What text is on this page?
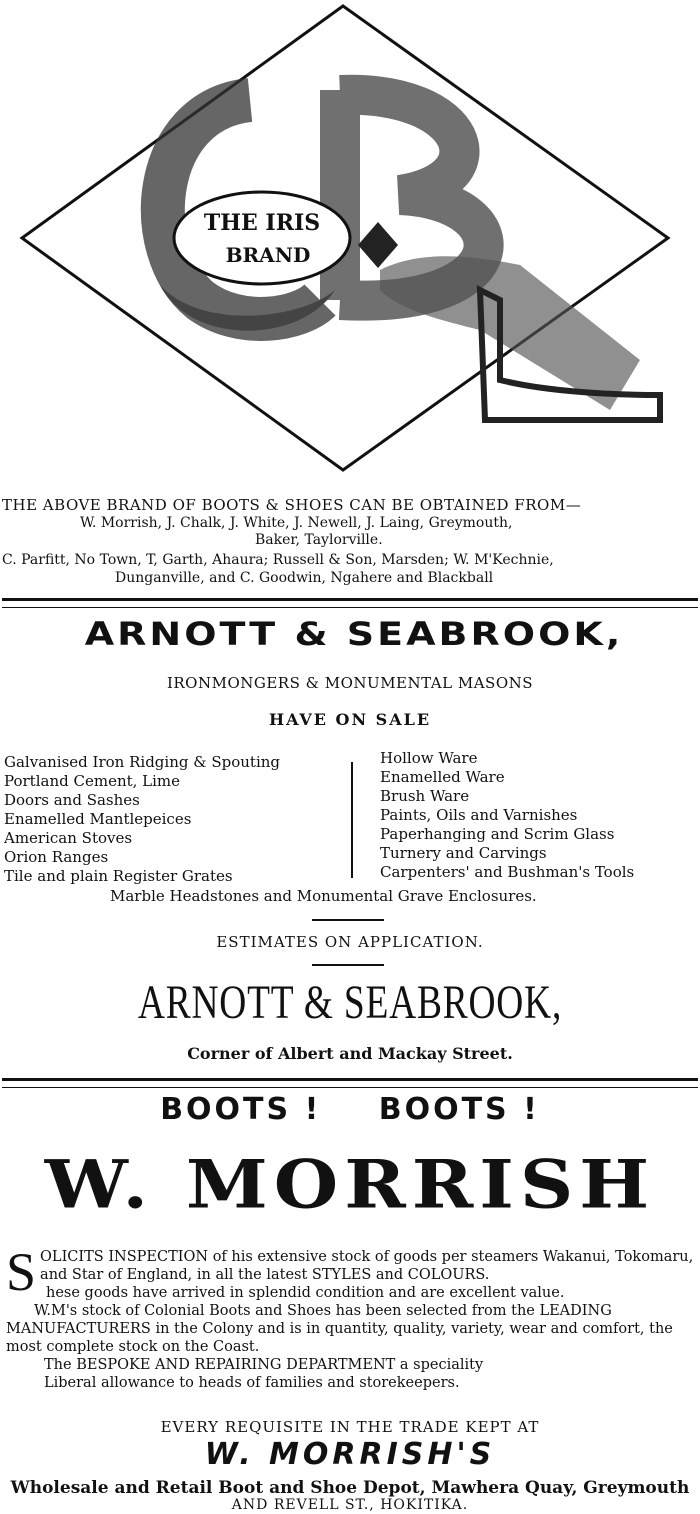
THE IRIS
BRAND
THE ABOVE BRAND OF BOOTS & SHOES CAN BE OBTAINED FROM—
W. Morrish, J. Chalk, J. White, J. Newell, J. Laing, Greymouth,
Baker, Taylorville.
C. Parfitt, No Town, T, Garth, Ahaura; Russell & Son, Marsden; W. M'Kechnie,
Dunganville, and C. Goodwin, Ngahere and Blackball
ARNOTT & SEABROOK,
IRONMONGERS & MONUMENTAL MASONS
HAVE ON SALE
Galvanised Iron Ridging & Spouting
Portland Cement, Lime
Doors and Sashes
Enamelled Mantlepeices
American Stoves
Orion Ranges
Tile and plain Register Grates
Hollow Ware
Enamelled Ware
Brush Ware
Paints, Oils and Varnishes
Paperhanging and Scrim Glass
Turnery and Carvings
Carpenters' and Bushman's Tools
Marble Headstones and Monumental Grave Enclosures.
ESTIMATES ON APPLICATION.
ARNOTT & SEABROOK,
Corner of Albert and Mackay Street.
BOOTS ! BOOTS !
W. MORRISH
S OLICITS INSPECTION of his extensive stock of goods per steamers Wakanui, Tokomaru, and Star of England, in all the latest STYLES and COLOURS.

hese goods have arrived in splendid condition and are excellent value.

W.M's stock of Colonial Boots and Shoes has been selected from the LEADING MANUFACTURERS in the Colony and is in quantity, quality, variety, wear and comfort, the most complete stock on the Coast.

The BESPOKE AND REPAIRING DEPARTMENT a speciality

Liberal allowance to heads of families and storekeepers.

EVERY REQUISITE IN THE TRADE KEPT AT
W. MORRISH'S
Wholesale and Retail Boot and Shoe Depot, Mawhera Quay, Greymouth
AND REVELL ST., HOKITIKA.
